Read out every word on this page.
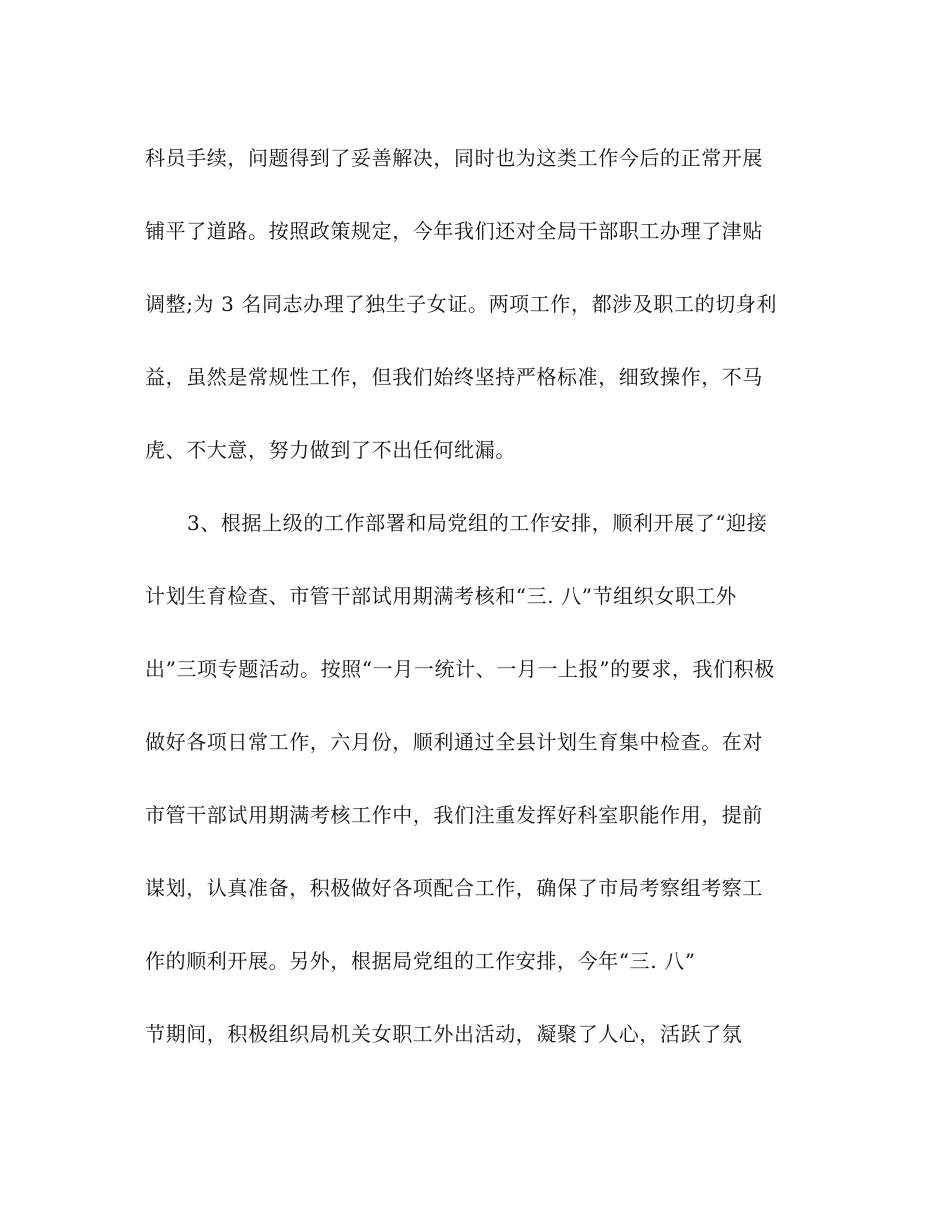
科员手续，问题得到了妥善解决，同时也为这类工作今后的正常开展
铺平了道路。按照政策规定，今年我们还对全局干部职工办理了津贴
调整;为 3 名同志办理了独生子女证。两项工作，都涉及职工的切身利
益，虽然是常规性工作，但我们始终坚持严格标准，细致操作，不马
虎、不大意，努力做到了不出任何纰漏。
3、根据上级的工作部署和局党组的工作安排，顺利开展了“迎接
计划生育检查、市管干部试用期满考核和“三. 八”节组织女职工外
出”三项专题活动。按照“一月一统计、一月一上报”的要求，我们积极
做好各项日常工作，六月份，顺利通过全县计划生育集中检查。在对
市管干部试用期满考核工作中，我们注重发挥好科室职能作用，提前
谋划，认真准备，积极做好各项配合工作，确保了市局考察组考察工
作的顺利开展。另外，根据局党组的工作安排，今年“三. 八”
节期间，积极组织局机关女职工外出活动，凝聚了人心，活跃了氛
